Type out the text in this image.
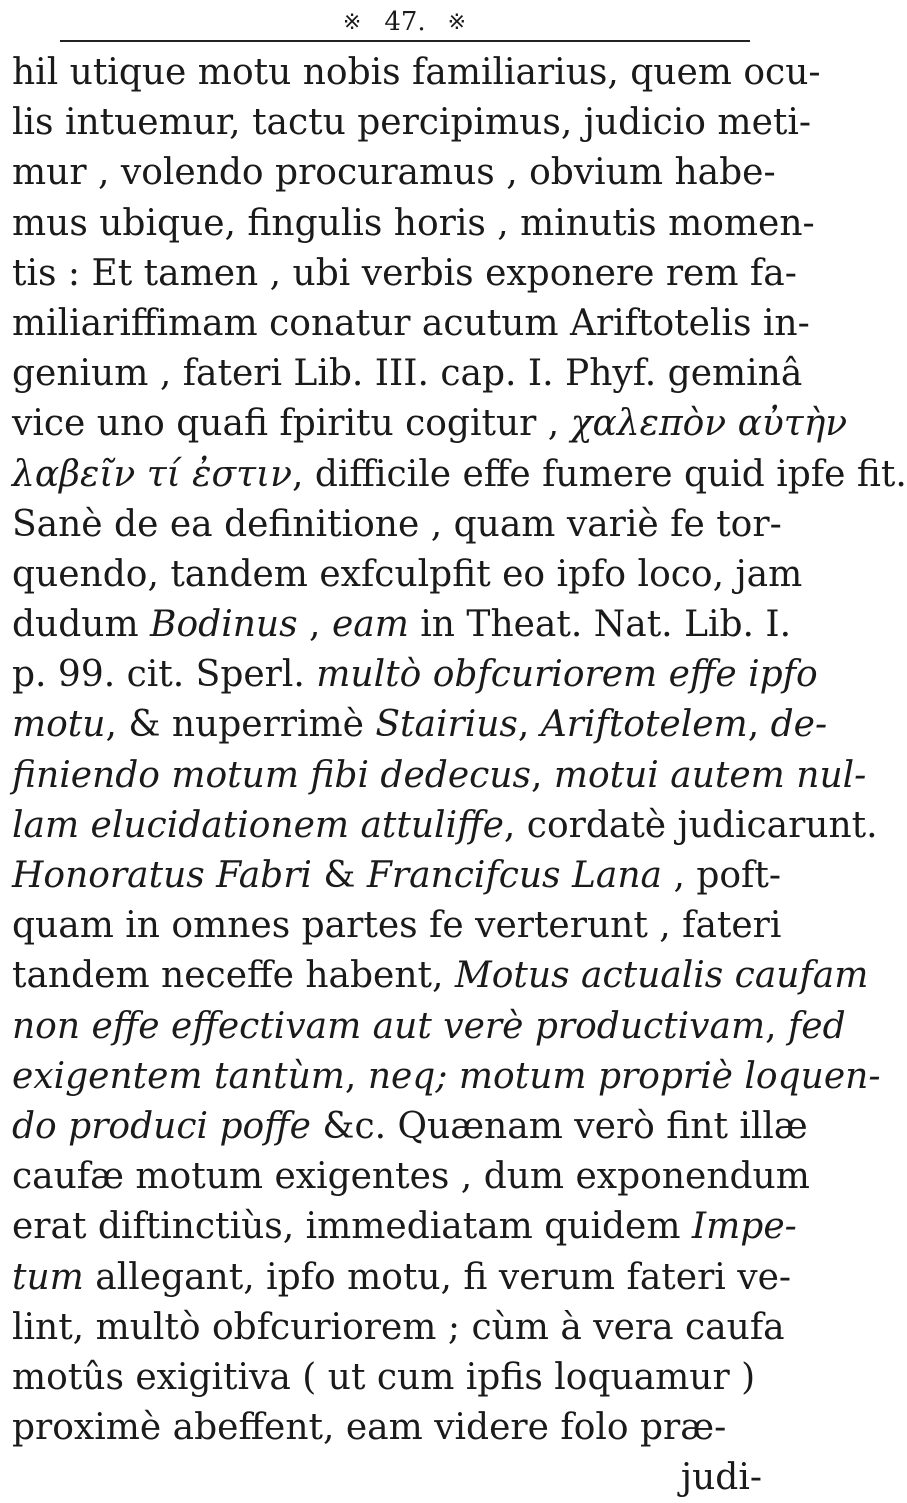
※ 47. ※
hil utique motu nobis familiarius, quem ocu-
lis intuemur, tactu percipimus, judicio meti-
mur , volendo procuramus , obvium habe-
mus ubique, fingulis horis , minutis momen-
tis : Et tamen , ubi verbis exponere rem fa-
miliariffimam conatur acutum Ariftotelis in-
genium , fateri Lib. III. cap. I. Phyf. geminâ
vice uno quafi fpiritu cogitur , χαλεπὸν αὐτὴν
λαβεῖν τί ἐστιν, difficile effe fumere quid ipfe fit.
Sanè de ea definitione , quam variè fe tor-
quendo, tandem exfculpfit eo ipfo loco, jam
dudum Bodinus , eam in Theat. Nat. Lib. I.
p. 99. cit. Sperl. multò obfcuriorem effe ipfo
motu, & nuperrimè Stairius, Ariftotelem, de-
finiendo motum fibi dedecus, motui autem nul-
lam elucidationem attuliffe, cordatè judicarunt.
Honoratus Fabri & Francifcus Lana , poft-
quam in omnes partes fe verterunt , fateri
tandem neceffe habent, Motus actualis caufam
non effe effectivam aut verè productivam, fed
exigentem tantùm, neq; motum propriè loquen-
do produci poffe &c. Quænam verò fint illæ
caufæ motum exigentes , dum exponendum
erat diftinctiùs, immediatam quidem Impe-
tum allegant, ipfo motu, fi verum fateri ve-
lint, multò obfcuriorem ; cùm à vera caufa
motûs exigitiva ( ut cum ipfis loquamur )
proximè abeffent, eam videre folo præ-
judi-
